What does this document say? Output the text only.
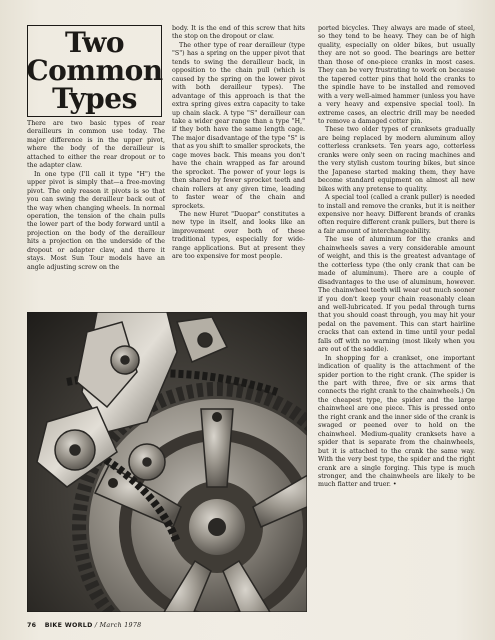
Two
Common
Types

There are two basic types of rear derailleurs in common use today. The major difference is in the upper pivot, where the body of the derailleur is attached to either the rear dropout or to the adapter claw.

In one type (I'll call it type "H") the upper pivot is simply that—a free-moving pivot. The only reason it pivots is so that you can swing the derailleur back out of the way when changing wheels. In normal operation, the tension of the chain pulls the lower part of the body forward until a projection on the body of the derailleur hits a projection on the underside of the dropout or adapter claw, and there it stays. Most Sun Tour models have an angle adjusting screw on the

body. It is the end of this screw that hits the stop on the dropout or claw.

The other type of rear derailleur (type "S") has a spring on the upper pivot that tends to swing the derailleur back, in opposition to the chain pull (which is caused by the spring on the lower pivot with both derailleur types). The advantage of this approach is that the extra spring gives extra capacity to take up chain slack. A type "S" derailleur can take a wider gear range than a type "H," if they both have the same length cage. The major disadvantage of the type "S" is that as you shift to smaller sprockets, the cage moves back. This means you don't have the chain wrapped as far around the sprocket. The power of your legs is then shared by fewer sprocket teeth and chain rollers at any given time, leading to faster wear of the chain and sprockets.

The new Huret "Duopar" constitutes a new type in itself, and looks like an improvement over both of these traditional types, especially for wide-range applications. But at present they are too expensive for most people.

ported bicycles. They always are made of steel, so they tend to be heavy. They can be of high quality, especially on older bikes, but usually they are not so good. The bearings are better than those of one-piece cranks in most cases. They can be very frustrating to work on because the tapered cotter pins that hold the cranks to the spindle have to be installed and removed with a very well-aimed hammer (unless you have a very heavy and expensive special tool). In extreme cases, an electric drill may be needed to remove a damaged cotter pin.

These two older types of cranksets gradually are being replaced by modern aluminum alloy cotterless cranksets. Ten years ago, cotterless cranks were only seen on racing machines and the very stylish custom touring bikes, but since the Japanese started making them, they have become standard equipment on almost all new bikes with any pretense to quality.

A special tool (called a crank puller) is needed to install and remove the cranks, but it is neither expensive nor heavy. Different brands of cranks often require different crank pullers, but there is a fair amount of interchangeability.

The use of aluminum for the cranks and chainwheels saves a very considerable amount of weight, and this is the greatest advantage of the cotterless type (the only crank that can be made of aluminum). There are a couple of disadvantages to the use of aluminum, however. The chainwheel teeth will wear out much sooner if you don't keep your chain reasonably clean and well-lubricated. If you pedal through turns that you should coast through, you may hit your pedal on the pavement. This can start hairline cracks that can extend in time until your pedal falls off with no warning (most likely when you are out of the saddle).

In shopping for a crankset, one important indication of quality is the attachment of the spider portion to the right crank. (The spider is the part with three, five or six arms that connects the right crank to the chainwheels.) On the cheapest type, the spider and the large chainwheel are one piece. This is pressed onto the right crank and the inner side of the crank is swaged or peened over to hold on the chainwheel. Medium-quality cranksets have a spider that is separate from the chainwheels, but it is attached to the crank the same way. With the very best type, the spider and the right crank are a single forging. This type is much stronger, and the chainwheels are likely to be much flatter and truer. •

76 BIKE WORLD / March 1978
